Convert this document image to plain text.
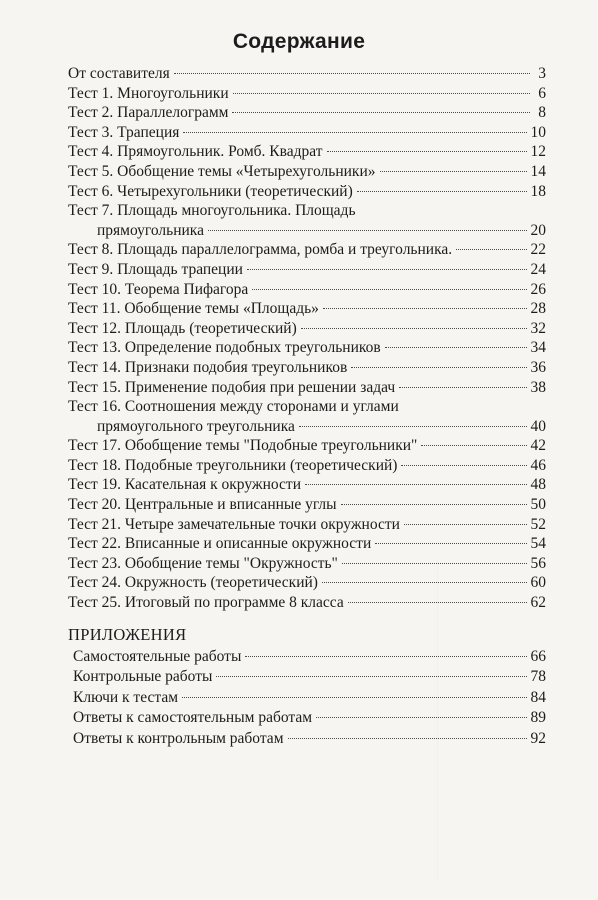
Содержание
От составителя	3
Тест 1. Многоугольники	6
Тест 2. Параллелограмм	8
Тест 3. Трапеция	10
Тест 4. Прямоугольник. Ромб. Квадрат	12
Тест 5. Обобщение темы «Четырехугольники»	14
Тест 6. Четырехугольники (теоретический)	18
Тест 7. Площадь многоугольника. Площадь
прямоугольника	20
Тест 8. Площадь параллелограмма, ромба и треугольника.	22
Тест 9. Площадь трапеции	24
Тест 10. Теорема Пифагора	26
Тест 11. Обобщение темы «Площадь»	28
Тест 12. Площадь (теоретический)	32
Тест 13. Определение подобных треугольников	34
Тест 14. Признаки подобия треугольников	36
Тест 15. Применение подобия при решении задач	38
Тест 16. Соотношения между сторонами и углами
прямоугольного треугольника	40
Тест 17. Обобщение темы "Подобные треугольники"	42
Тест 18. Подобные треугольники (теоретический)	46
Тест 19. Касательная к окружности	48
Тест 20. Центральные и вписанные углы	50
Тест 21. Четыре замечательные точки окружности	52
Тест 22. Вписанные и описанные окружности	54
Тест 23. Обобщение темы "Окружность"	56
Тест 24. Окружность (теоретический)	60
Тест 25. Итоговый по программе 8 класса	62
ПРИЛОЖЕНИЯ
Самостоятельные работы	66
Контрольные работы	78
Ключи к тестам	84
Ответы к самостоятельным работам	89
Ответы к контрольным работам	92
